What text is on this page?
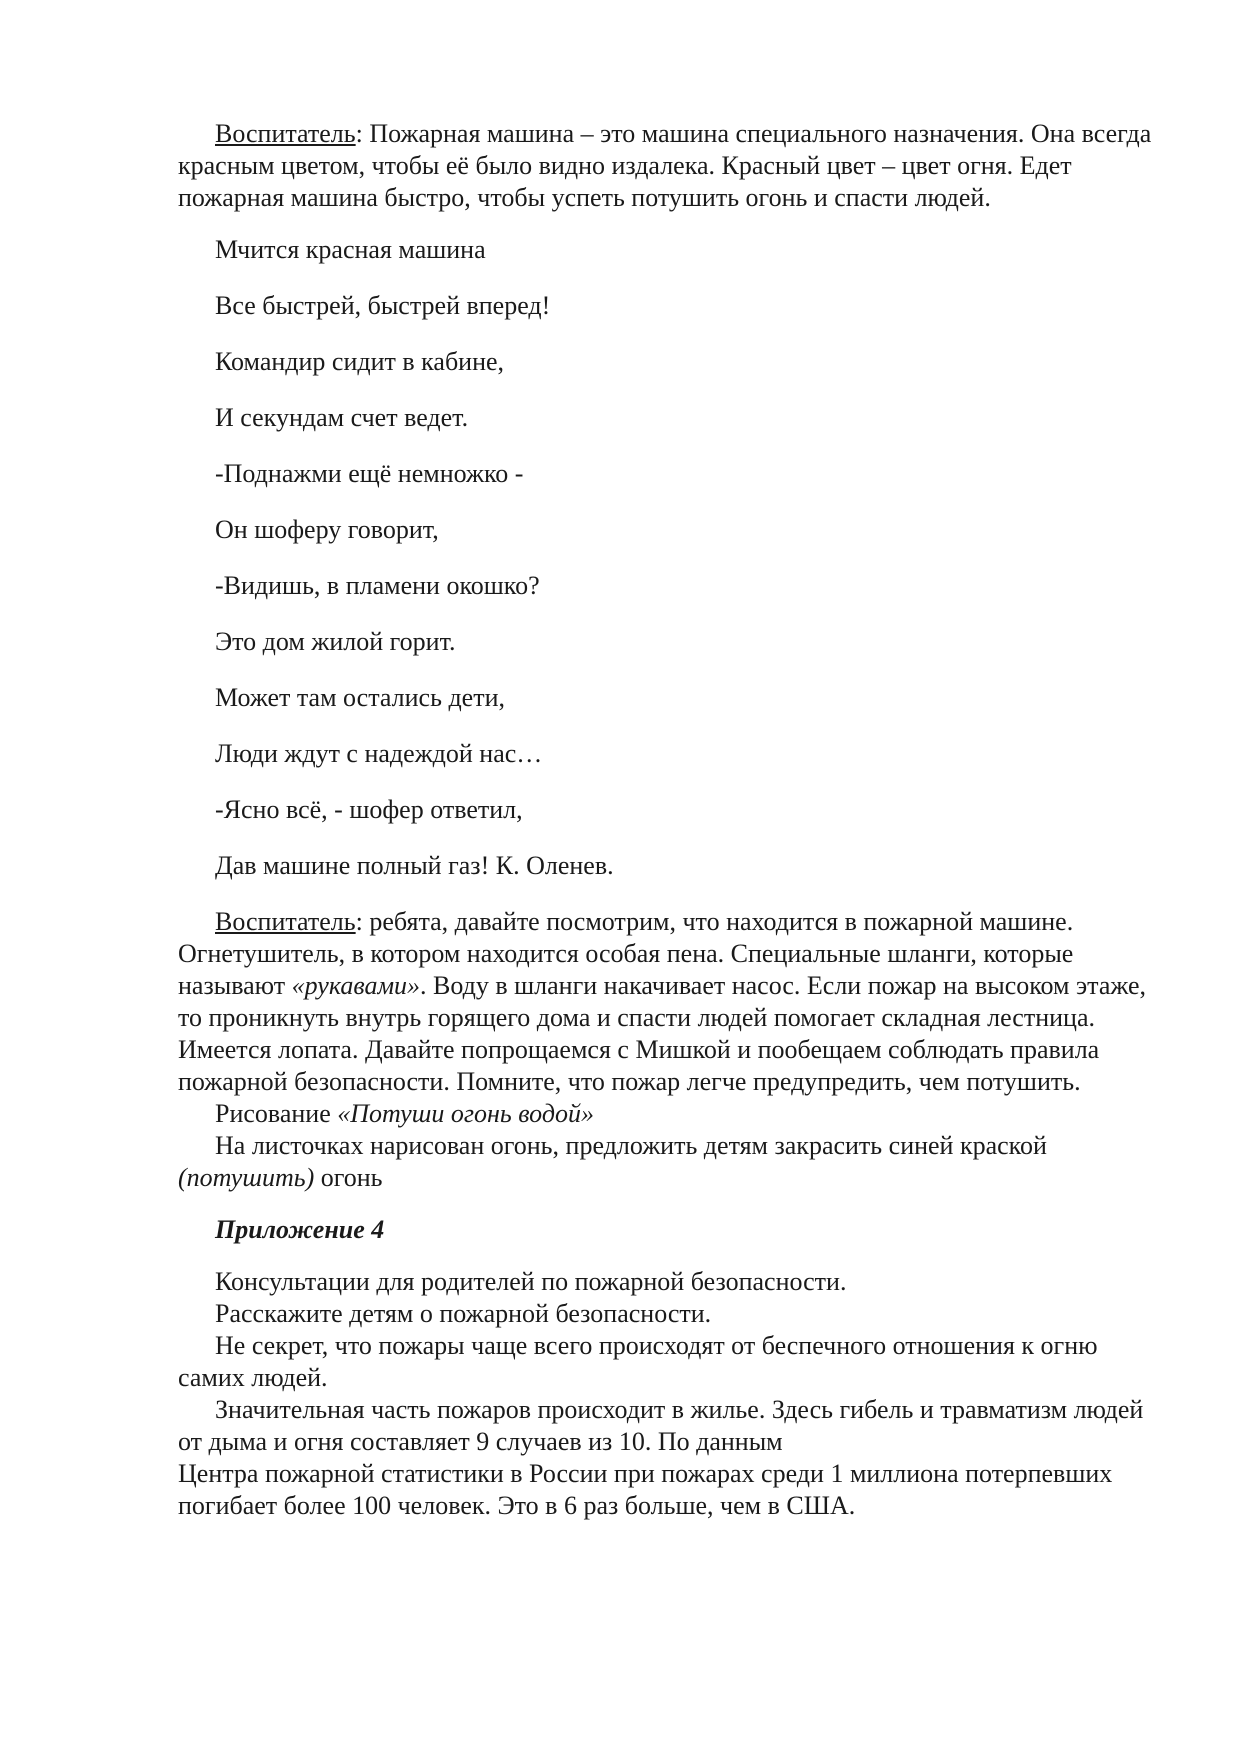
Воспитатель: Пожарная машина – это машина специального назначения. Она всегда красным цветом, чтобы её было видно издалека. Красный цвет – цвет огня. Едет пожарная машина быстро, чтобы успеть потушить огонь и спасти людей.

Мчится красная машина
Все быстрей, быстрей вперед!
Командир сидит в кабине,
И секундам счет ведет.
-Поднажми ещё немножко -
Он шоферу говорит,
-Видишь, в пламени окошко?
Это дом жилой горит.
Может там остались дети,
Люди ждут с надеждой нас…
-Ясно всё, - шофер ответил,
Дав машине полный газ! К. Оленев.

Воспитатель: ребята, давайте посмотрим, что находится в пожарной машине. Огнетушитель, в котором находится особая пена. Специальные шланги, которые называют «рукавами». Воду в шланги накачивает насос. Если пожар на высоком этаже, то проникнуть внутрь горящего дома и спасти людей помогает складная лестница. Имеется лопата. Давайте попрощаемся с Мишкой и пообещаем соблюдать правила пожарной безопасности. Помните, что пожар легче предупредить, чем потушить.

Рисование «Потуши огонь водой»

На листочках нарисован огонь, предложить детям закрасить синей краской (потушить) огонь

Приложение 4

Консультации для родителей по пожарной безопасности.

Расскажите детям о пожарной безопасности.

Не секрет, что пожары чаще всего происходят от беспечного отношения к огню самих людей.

Значительная часть пожаров происходит в жилье. Здесь гибель и травматизм людей от дыма и огня составляет 9 случаев из 10. По данным

Центра пожарной статистики в России при пожарах среди 1 миллиона потерпевших погибает более 100 человек. Это в 6 раз больше, чем в США.
